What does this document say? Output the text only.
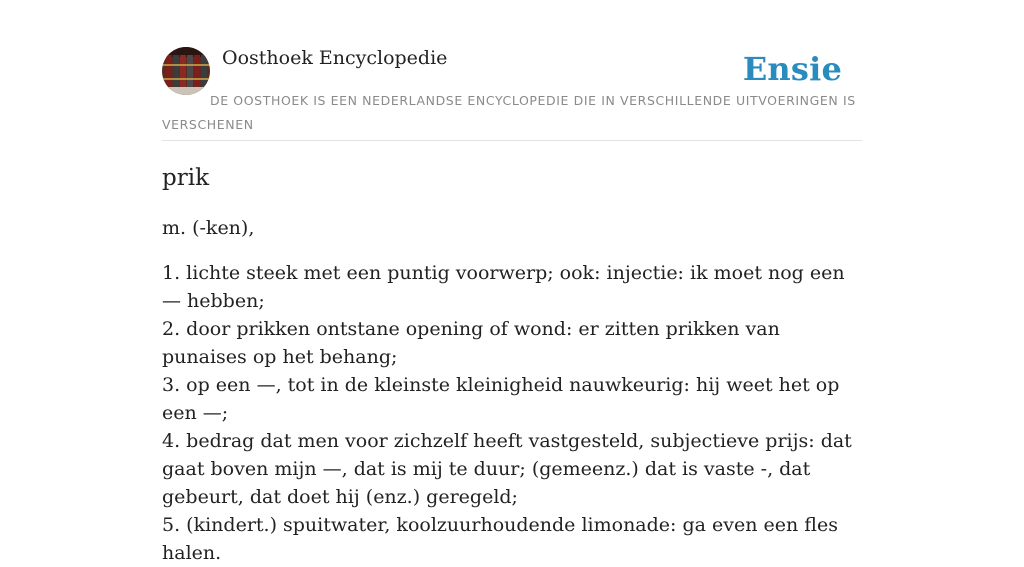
Oosthoek Encyclopedie	Ensie

DE OOSTHOEK IS EEN NEDERLANDSE ENCYCLOPEDIE DIE IN VERSCHILLENDE UITVOERINGEN IS VERSCHENEN

prik

m. (-ken),

1. lichte steek met een puntig voorwerp; ook: injectie: ik moet nog een — hebben;
2. door prikken ontstane opening of wond: er zitten prikken van punaises op het behang;
3. op een —, tot in de kleinste kleinigheid nauwkeurig: hij weet het op een —;
4. bedrag dat men voor zichzelf heeft vastgesteld, subjectieve prijs: dat gaat boven mijn —, dat is mij te duur; (gemeenz.) dat is vaste -, dat gebeurt, dat doet hij (enz.) geregeld;
5. (kindert.) spuitwater, koolzuurhoudende limonade: ga even een fles halen.
